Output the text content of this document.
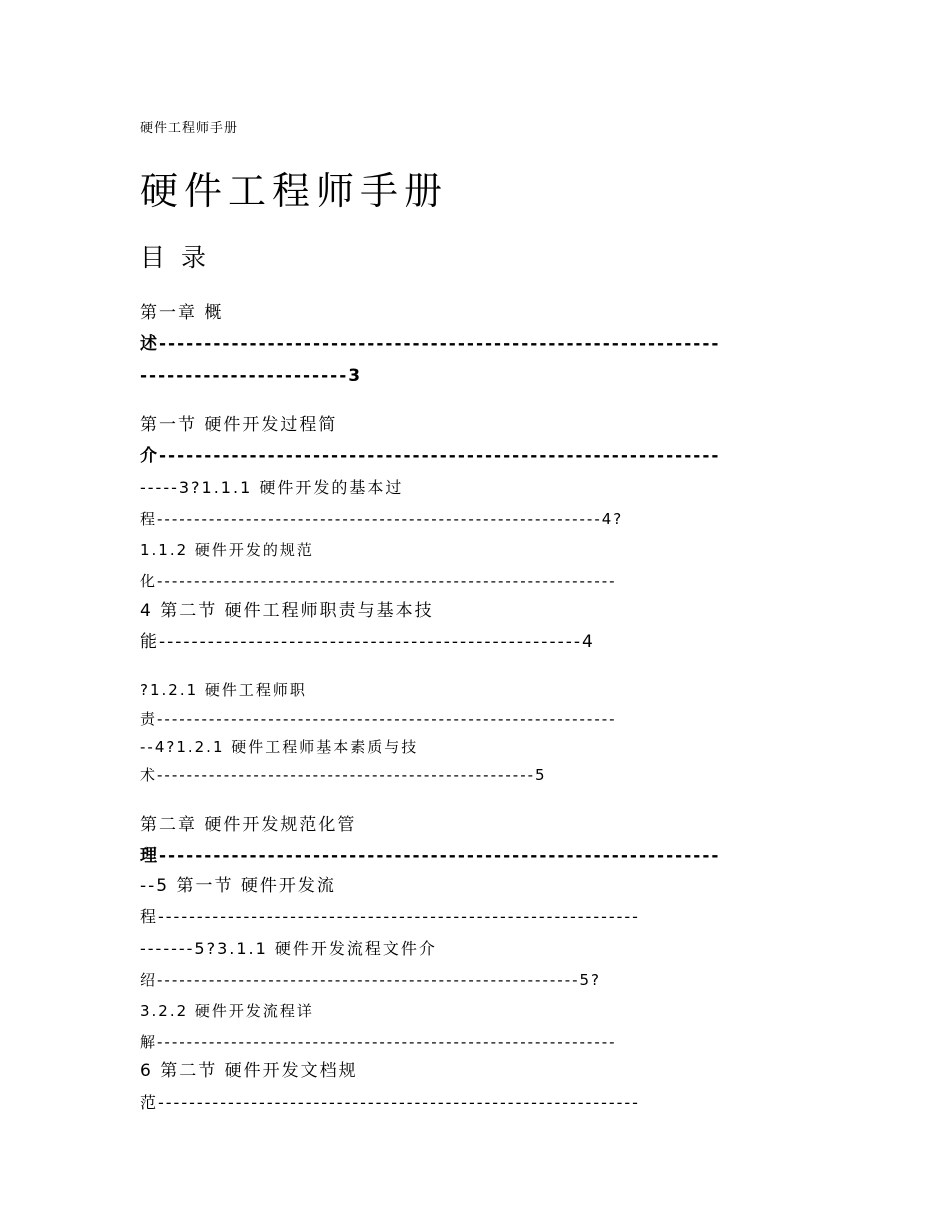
硬件工程师手册
硬件工程师手册
目 录
第一章 概
述--------------------------------------------------------------
-----------------------3
第一节 硬件开发过程简
介--------------------------------------------------------------
-----3?1.1.1 硬件开发的基本过
程------------------------------------------------------------4?
1.1.2 硬件开发的规范
化--------------------------------------------------------------
4 第二节 硬件工程师职责与基本技
能----------------------------------------------------4
?1.2.1 硬件工程师职
责--------------------------------------------------------------
--4?1.2.1 硬件工程师基本素质与技
术---------------------------------------------------5
第二章 硬件开发规范化管
理--------------------------------------------------------------
--5 第一节 硬件开发流
程--------------------------------------------------------------
-------5?3.1.1 硬件开发流程文件介
绍---------------------------------------------------------5?
3.2.2 硬件开发流程详
解--------------------------------------------------------------
6 第二节 硬件开发文档规
范--------------------------------------------------------------
